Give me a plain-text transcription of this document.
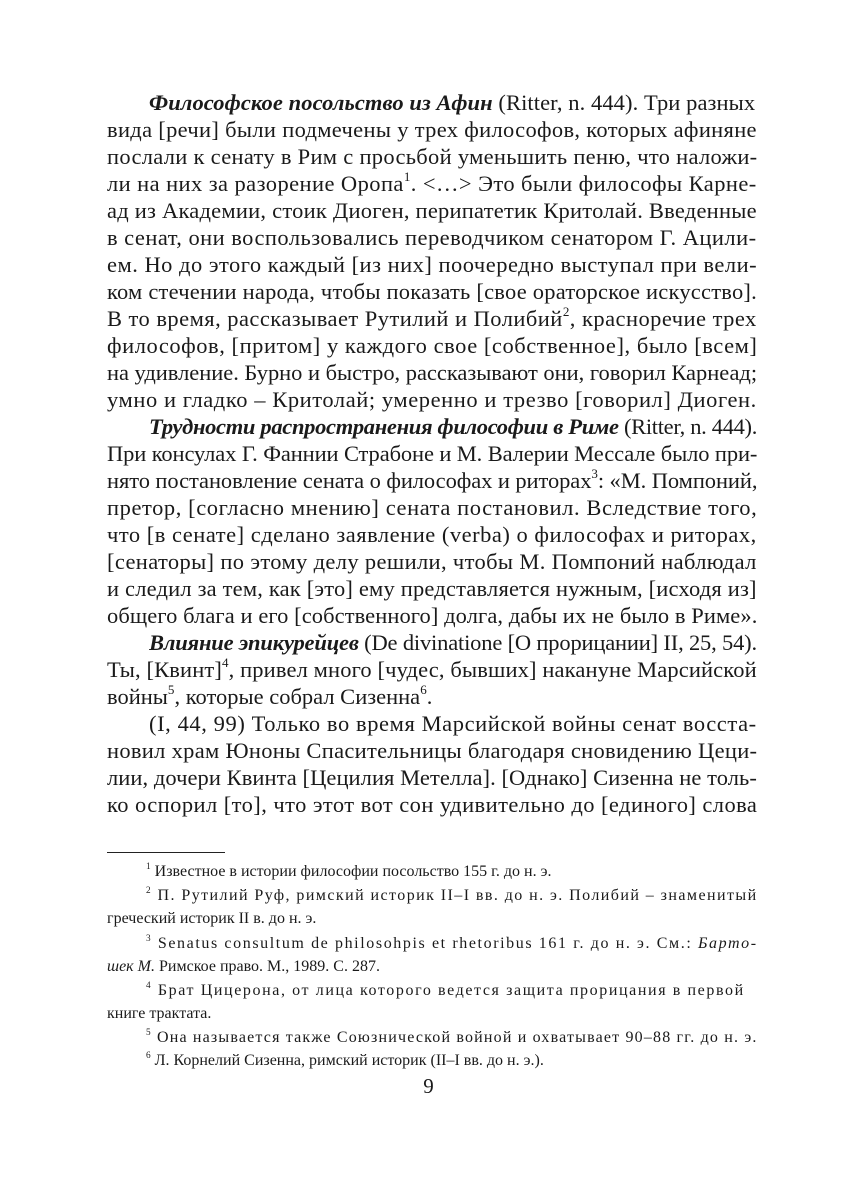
Философское посольство из Афин (Ritter, n. 444). Три разных
вида [речи] были подмечены у трех философов, которых афиняне
послали к сенату в Рим с просьбой уменьшить пеню, что наложи-
ли на них за разорение Оропа$^1$. <…> Это были философы Карне-
ад из Академии, стоик Диоген, перипатетик Критолай. Введенные
в сенат, они воспользовались переводчиком сенатором Г. Ацили-
ем. Но до этого каждый [из них] поочередно выступал при вели-
ком стечении народа, чтобы показать [свое ораторское искусство].
В то время, рассказывает Рутилий и Полибий$^2$, красноречие трех
философов, [притом] у каждого свое [собственное], было [всем]
на удивление. Бурно и быстро, рассказывают они, говорил Карнеад;
умно и гладко – Критолай; умеренно и трезво [говорил] Диоген.
Трудности распространения философии в Риме (Ritter, n. 444).
При консулах Г. Фаннии Страбоне и М. Валерии Мессале было при-
нято постановление сената о философах и риторах$^3$: «М. Помпоний,
претор, [согласно мнению] сената постановил. Вследствие того,
что [в сенате] сделано заявление (verba) о философах и риторах,
[сенаторы] по этому делу решили, чтобы М. Помпоний наблюдал
и следил за тем, как [это] ему представляется нужным, [исходя из]
общего блага и его [собственного] долга, дабы их не было в Риме».
Влияние эпикурейцев (De divinatione [О прорицании] II, 25, 54).
Ты, [Квинт]$^4$, привел много [чудес, бывших] накануне Марсийской
войны$^5$, которые собрал Сизенна$^6$.
(I, 44, 99) Только во время Марсийской войны сенат восста-
новил храм Юноны Спасительницы благодаря сновидению Цеци-
лии, дочери Квинта [Цецилия Метелла]. [Однако] Сизенна не толь-
ко оспорил [то], что этот вот сон удивительно до [единого] слова
$^1$ Известное в истории философии посольство 155 г. до н. э.
$^2$ П. Рутилий Руф, римский историк II–I вв. до н. э. Полибий – знаменитый
греческий историк II в. до н. э.
$^3$ Senatus consultum de philosohpis et rhetoribus 161 г. до н. э. См.: Барто-
шек М. Римское право. М., 1989. С. 287.
$^4$ Брат Цицерона, от лица которого ведется защита прорицания в первой
книге трактата.
$^5$ Она называется также Союзнической войной и охватывает 90–88 гг. до н. э.
$^6$ Л. Корнелий Сизенна, римский историк (II–I вв. до н. э.).
9
